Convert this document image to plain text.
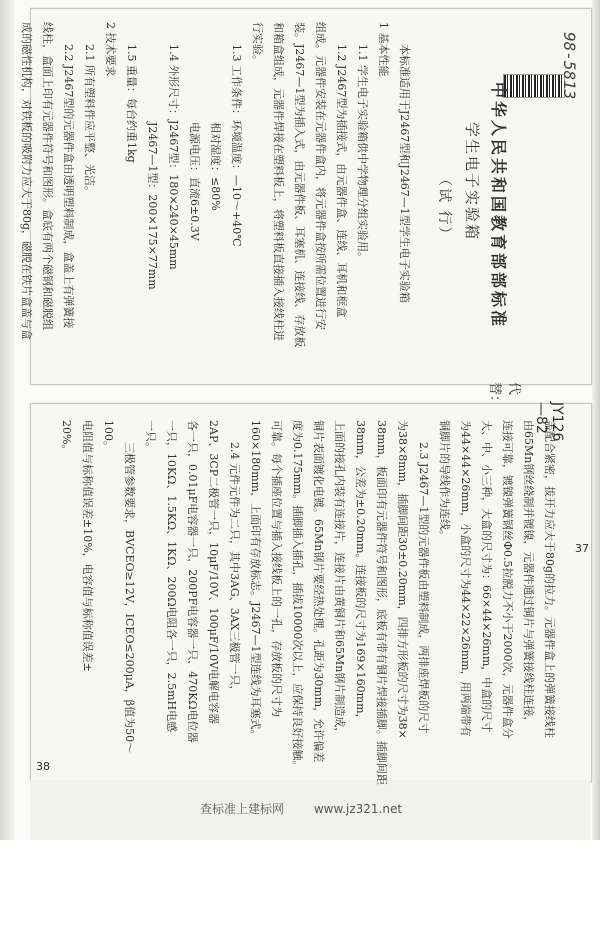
98-5813
中华人民共和国教育部部标准
学生电子实验箱
（试 行）
JY126—82
代替：
本标准适用于J2467型和J2467—1型学生电子实验箱
1 基本性能
1.1 学生电子实验箱供中学物理分组实验用。
1.2 J2467型为插接式，由元器件盒、连线、耳机和框盒
组成。元器件安装在元器件盒内，将元器件盒按所需位置进行安
装。J2467—1型为插入式，由元器件板、耳塞机、连接线、存放板
和箱盒组成，元器件焊接在塑料板上，将塑料板直接插入接线柱进
行实验。
1.3 工作条件：环境温度：—10～+40℃
相对湿度：≤80%
电源电压：直流6±0.3V
1.4 外形尺寸：J2467型：180×240×45mm
J2467—1型：200×175×77mm
1.5 重量：每台约重1kg
2 技术要求
2.1 所有塑料件应平整、光洁。
2.2 J2467型的元器件盒由透明塑料制成，盒盖上有弹簧接
线柱，盒面上印有元器件符号和图形。盒底有两个磁钢和磁脱组
成的磁性机构，对铁板的吸附力应大于80g，磁脱在铁片盒盖与盒
37
盖配合紧密，拔开力应大于80g的拉力。元器件盒上的弹簧接线柱
由65Mn钢丝绕制并镀镍，元器件通过铜片与弹簧接线柱连接，
连接可靠，镀镍弹簧钢丝Φ0.5拉脱力不小于2000次，元器件盒分
大、中、小三种，大盒的尺寸为：66×44×26mm，中盒的尺寸
为44×44×26mm，小盒的尺寸为44×22×26mm，用两端带有
铜脚片的导线作为连线。
2.3 J2467—1型的元器件板由塑料制成，两排座焊板的尺寸
为38×8mm，插脚间距30±0.20mm，四排方形板的尺寸为38×
38mm，板面印有元器件符号和图形，底板有带有铜片焊接插脚。插脚间距
38mm，公差为±0.20mm。连接板的尺寸为169×160mm，
上面的接孔内装有连接片，连接片由黄铜片和65Mn钢片制造成，
铜片表面镀化电镀。65Mn钢片要经热处理。孔距为30mm，允许偏差
度为0.175mm。插脚插入插孔，插拔10000次以上，应保持良好接触。
可靠。每个插座位置与插入接线板上的一孔，存放板的尺寸为
160×180mm，上面印有存放标志。J2467—1型连线为耳塞式。
2.4 元件元件为二只，其中3AG、3AX三极管一只，
2AP、3CP二极管一只，10μF/10V、100μF/10V电解电容器
各一只，0.01μF电容器一只，200PF电容器一只，470KΩ电位器
一只，10KΩ、1.5KΩ、1KΩ、200Ω电阻各一只，2.5mH电感
一只。
三极管参数要求，BVCEO≥12V，ICEO≤200μA，β值为50～
100。
电阻值与标称值误差±10%，电容值与标称值误差±
20%。
38
查标准上建标网 www.jz321.net
